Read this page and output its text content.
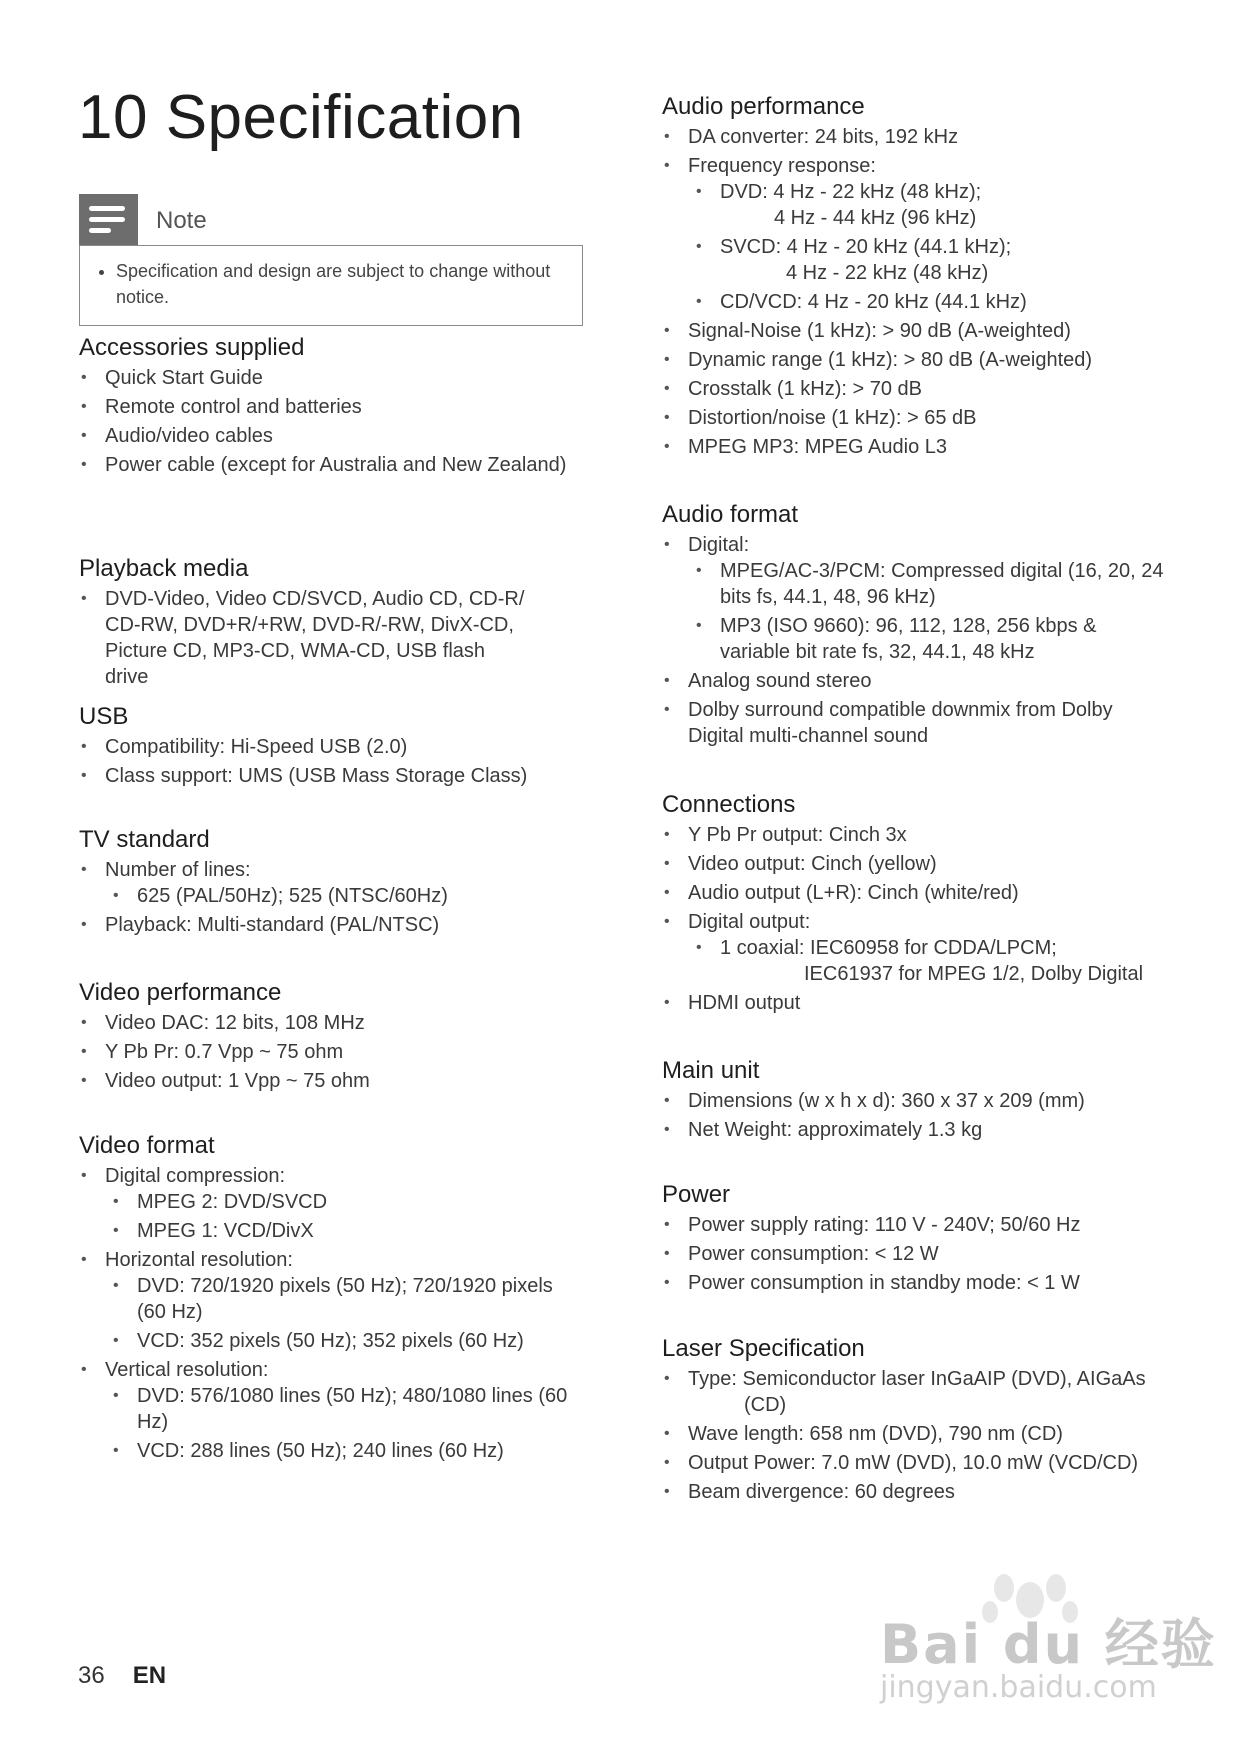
10 Specification
Note
• Specification and design are subject to change without notice.
Accessories supplied
• Quick Start Guide
• Remote control and batteries
• Audio/video cables
• Power cable (except for Australia and New Zealand)
Playback media
• DVD-Video, Video CD/SVCD, Audio CD, CD-R/ CD-RW, DVD+R/+RW, DVD-R/-RW, DivX-CD, Picture CD, MP3-CD, WMA-CD, USB flash drive
USB
• Compatibility: Hi-Speed USB (2.0)
• Class support: UMS (USB Mass Storage Class)
TV standard
• Number of lines:
• 625 (PAL/50Hz); 525 (NTSC/60Hz)
• Playback: Multi-standard (PAL/NTSC)
Video performance
• Video DAC: 12 bits, 108 MHz
• Y Pb Pr: 0.7 Vpp ~ 75 ohm
• Video output: 1 Vpp ~ 75 ohm
Video format
• Digital compression:
• MPEG 2: DVD/SVCD
• MPEG 1: VCD/DivX
• Horizontal resolution:
• DVD: 720/1920 pixels (50 Hz); 720/1920 pixels (60 Hz)
• VCD: 352 pixels (50 Hz); 352 pixels (60 Hz)
• Vertical resolution:
• DVD: 576/1080 lines (50 Hz); 480/1080 lines (60 Hz)
• VCD: 288 lines (50 Hz); 240 lines (60 Hz)
Audio performance
• DA converter: 24 bits, 192 kHz
• Frequency response:
• DVD: 4 Hz - 22 kHz (48 kHz);
4 Hz - 44 kHz (96 kHz)
• SVCD: 4 Hz - 20 kHz (44.1 kHz);
4 Hz - 22 kHz (48 kHz)
• CD/VCD: 4 Hz - 20 kHz (44.1 kHz)
• Signal-Noise (1 kHz): > 90 dB (A-weighted)
• Dynamic range (1 kHz): > 80 dB (A-weighted)
• Crosstalk (1 kHz): > 70 dB
• Distortion/noise (1 kHz): > 65 dB
• MPEG MP3: MPEG Audio L3
Audio format
• Digital:
• MPEG/AC-3/PCM: Compressed digital (16, 20, 24 bits fs, 44.1, 48, 96 kHz)
• MP3 (ISO 9660): 96, 112, 128, 256 kbps & variable bit rate fs, 32, 44.1, 48 kHz
• Analog sound stereo
• Dolby surround compatible downmix from Dolby Digital multi-channel sound
Connections
• Y Pb Pr output: Cinch 3x
• Video output: Cinch (yellow)
• Audio output (L+R): Cinch (white/red)
• Digital output:
• 1 coaxial: IEC60958 for CDDA/LPCM;
IEC61937 for MPEG 1/2, Dolby Digital
• HDMI output
Main unit
• Dimensions (w x h x d): 360 x 37 x 209 (mm)
• Net Weight: approximately 1.3 kg
Power
• Power supply rating: 110 V - 240V; 50/60 Hz
• Power consumption: < 12 W
• Power consumption in standby mode: < 1 W
Laser Specification
• Type: Semiconductor laser InGaAIP (DVD), AIGaAs
(CD)
• Wave length: 658 nm (DVD), 790 nm (CD)
• Output Power: 7.0 mW (DVD), 10.0 mW (VCD/CD)
• Beam divergence: 60 degrees
36 EN	Bai du 经验
jingyan.baidu.com
